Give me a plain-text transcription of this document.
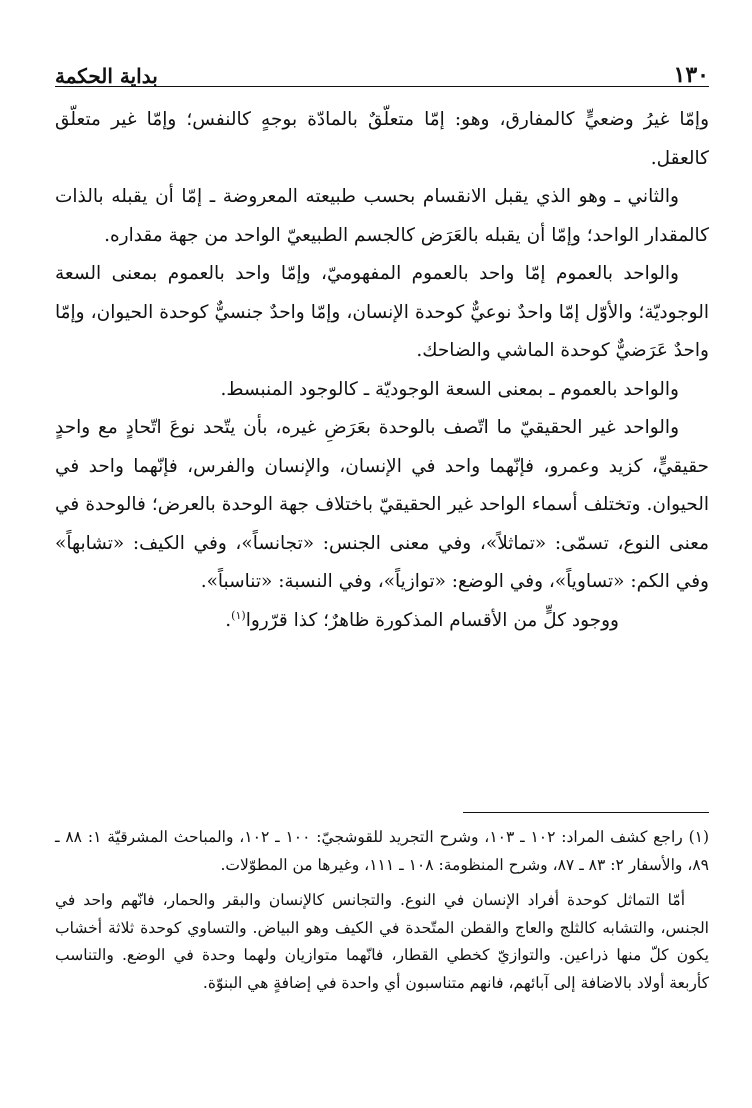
١٣٠
بداية الحكمة

وإمّا غيرُ وضعيٍّ كالمفارق، وهو: إمّا متعلّقٌ بالمادّة بوجهٍ كالنفس؛ وإمّا غير متعلّق كالعقل.

والثاني ـ وهو الذي يقبل الانقسام بحسب طبيعته المعروضة ـ إمّا أن يقبله بالذات كالمقدار الواحد؛ وإمّا أن يقبله بالعَرَض كالجسم الطبيعيّ الواحد من جهة مقداره.

والواحد بالعموم إمّا واحد بالعموم المفهوميّ، وإمّا واحد بالعموم بمعنى السعة الوجوديّة؛ والأوّل إمّا واحدٌ نوعيٌّ كوحدة الإنسان، وإمّا واحدٌ جنسيٌّ كوحدة الحيوان، وإمّا واحدٌ عَرَضيٌّ كوحدة الماشي والضاحك.

والواحد بالعموم ـ بمعنى السعة الوجوديّة ـ كالوجود المنبسط.

والواحد غير الحقيقيّ ما اتّصف بالوحدة بعَرَضِ غيره، بأن يتّحد نوعَ اتّحادٍ مع واحدٍ حقيقيٍّ، كزيد وعمرو، فإنّهما واحد في الإنسان، والإنسان والفرس، فإنّهما واحد في الحيوان. وتختلف أسماء الواحد غير الحقيقيّ باختلاف جهة الوحدة بالعرض؛ فالوحدة في معنى النوع، تسمّى: «تماثلاً»، وفي معنى الجنس: «تجانساً»، وفي الكيف: «تشابهاً» وفي الكم: «تساوياً»، وفي الوضع: «توازياً»، وفي النسبة: «تناسباً».

ووجود كلٍّ من الأقسام المذكورة ظاهرٌ؛ كذا قرّروا$^{(١)}$.

(١) راجع كشف المراد: ١٠٢ ـ ١٠٣، وشرح التجريد للقوشجيّ: ١٠٠ ـ ١٠٢، والمباحث المشرقيّة ١: ٨٨ ـ ٨٩، والأسفار ٢: ٨٣ ـ ٨٧، وشرح المنظومة: ١٠٨ ـ ١١١، وغيرها من المطوّلات.

أمّا التماثل كوحدة أفراد الإنسان في النوع. والتجانس كالإنسان والبقر والحمار، فانّهم واحد في الجنس، والتشابه كالثلج والعاج والقطن المتّحدة في الكيف وهو البياض. والتساوي كوحدة ثلاثة أخشاب يكون كلّ منها ذراعين. والتوازيّ كخطي القطار، فانّهما متوازيان ولهما وحدة في الوضع. والتناسب كأربعة أولاد بالاضافة إلى آبائهم، فانهم متناسبون أي واحدة في إضافةٍ هي البنوّة.
